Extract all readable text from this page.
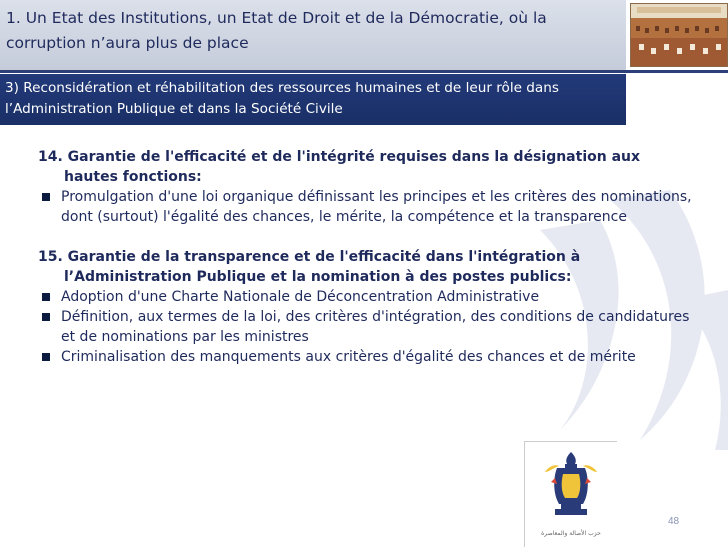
1. Un Etat des Institutions, un Etat de Droit et de la Démocratie, où la corruption n’aura plus de place
3) Reconsidération et réhabilitation des ressources humaines et de leur rôle dans l’Administration Publique et dans la Société Civile

14. Garantie de l'efficacité et de l'intégrité requises dans la désignation aux hautes fonctions:

Promulgation d'une loi organique définissant les principes et les critères des nominations, dont (surtout) l'égalité des chances, le mérite, la compétence et la transparence

15. Garantie de la transparence et de l'efficacité dans l'intégration à l’Administration Publique et la nomination à des postes publics:

Adoption d'une Charte Nationale de Déconcentration Administrative
Définition, aux termes de la loi, des critères d'intégration, des conditions de candidatures et de nominations par les ministres
Criminalisation des manquements aux critères d'égalité des chances et de mérite
حزب الأصالة والمعاصرة
48
